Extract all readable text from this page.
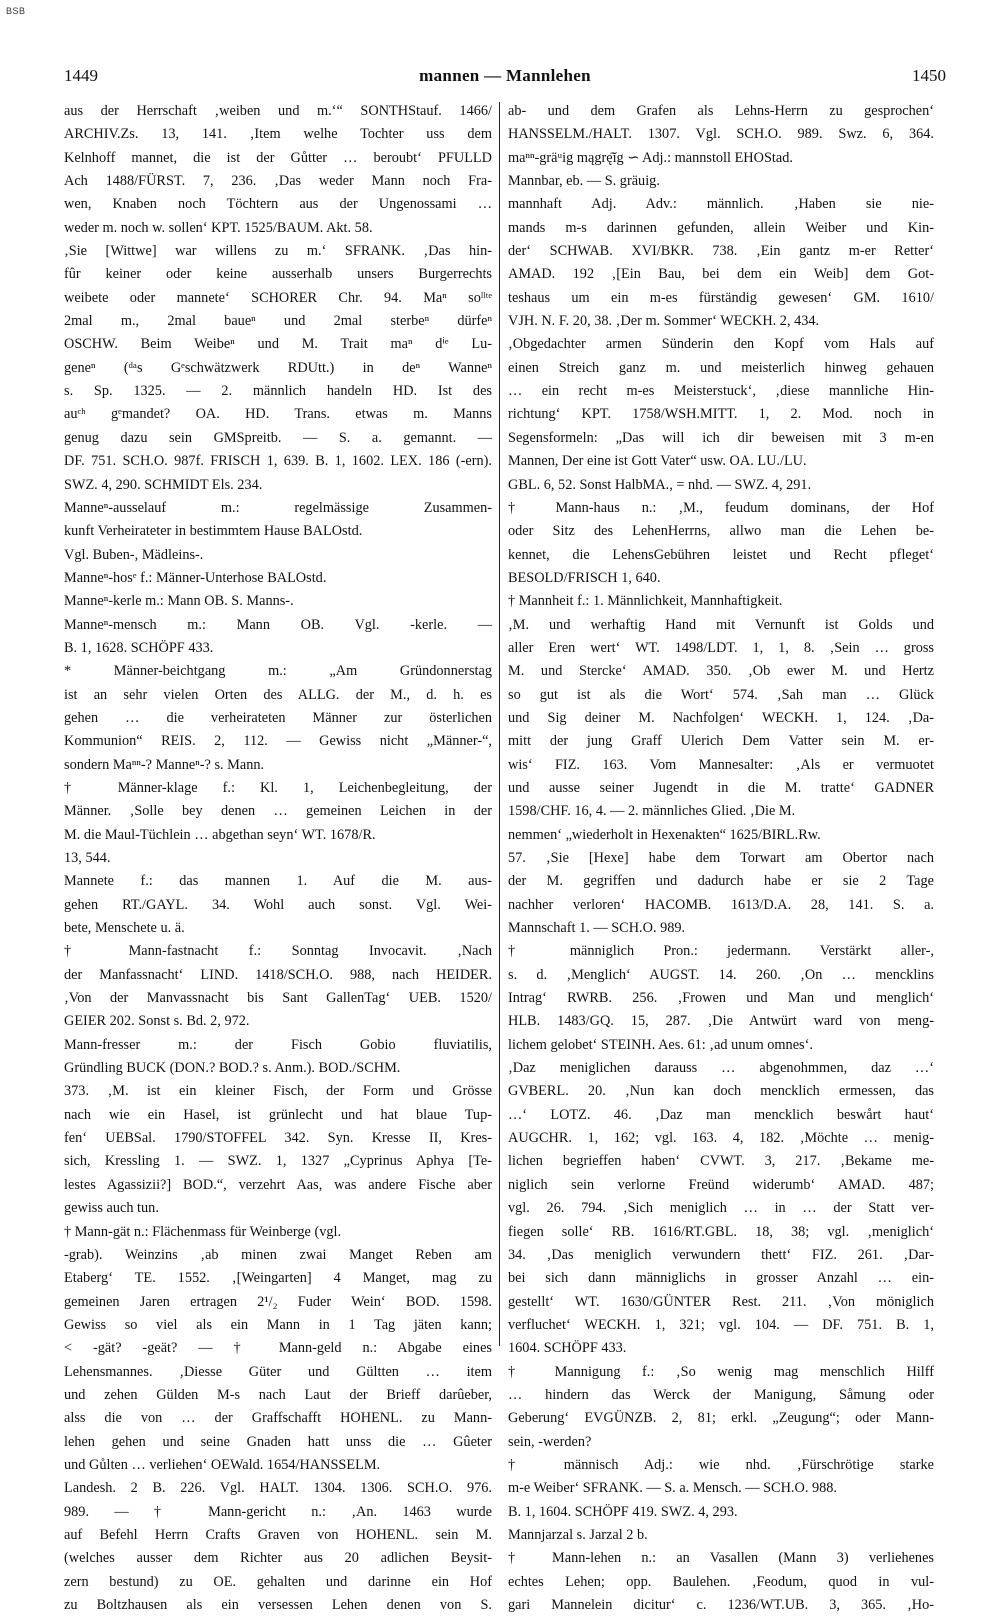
BSB
1449	mannen — Mannlehen	1450

aus der Herrschaft ‚weiben und m.‘“ SONTHStauf. 1466/

ARCHIV.Zs. 13, 141. ‚Item welhe Tochter uss dem

Kelnhoff mannet, die ist der Gůtter … beroubt‘ PFULLD

Ach 1488/FÜRST. 7, 236. ‚Das weder Mann noch Fra-

wen, Knaben noch Töchtern aus der Ungenossami …

weder m. noch w. sollen‘ KPT. 1525/BAUM. Akt. 58.

‚Sie [Wittwe] war willens zu m.‘ SFRANK. ‚Das hin-

fûr keiner oder keine ausserhalb unsers Burgerrechts

weibete oder mannete‘ SCHORER Chr. 94. Maⁿ soˡˡᵗᵉ

2mal m., 2mal baueⁿ und 2mal sterbeⁿ dürfeⁿ

OSCHW. Beim Weibeⁿ und M. Trait maⁿ dⁱᵉ Lu-

geneⁿ (ᵈᵃs Gᵉschwätzwerk RDUtt.) in deⁿ Wanneⁿ

s. Sp. 1325. — 2. männlich handeln HD. Ist des

auᶜʰ gᵉmandet? OA. HD. Trans. etwas m. Manns

genug dazu sein GMSpreitb. — S. a. gemannt. —

DF. 751. SCH.O. 987f. FRISCH 1, 639. B. 1, 1602. LEX. 186 (-ern).

SWZ. 4, 290. SCHMIDT Els. 234.

Manneⁿ-ausselauf m.: regelmässige Zusammen-

kunft Verheirateter in bestimmtem Hause BALOstd.

Vgl. Buben-, Mädleins-.

Manneⁿ-hosᵉ f.: Männer-Unterhose BALOstd.

Manneⁿ-kerle m.: Mann OB. S. Manns-.

Manneⁿ-mensch m.: Mann OB. Vgl. -kerle. —

B. 1, 1628. SCHÖPF 433.

* Männer-beichtgang m.: „Am Gründonnerstag

ist an sehr vielen Orten des ALLG. der M., d. h. es

gehen … die verheirateten Männer zur österlichen

Kommunion“ REIS. 2, 112. — Gewiss nicht „Männer-“,

sondern Maⁿⁿ-? Manneⁿ-? s. Mann.

† Männer-klage f.: Kl. 1, Leichenbegleitung, der

Männer. ‚Solle bey denen … gemeinen Leichen in der

M. die Maul-Tüchlein … abgethan seyn‘ WT. 1678/R.

13, 544.

Mannete f.: das mannen 1. Auf die M. aus-

gehen RT./GAYL. 34. Wohl auch sonst. Vgl. Wei-

bete, Menschete u. ä.

† Mann-fastnacht f.: Sonntag Invocavit. ‚Nach

der Manfassnacht‘ LIND. 1418/SCH.O. 988, nach HEIDER.

‚Von der Manvassnacht bis Sant GallenTag‘ UEB. 1520/

GEIER 202. Sonst s. Bd. 2, 972.

Mann-fresser m.: der Fisch Gobio fluviatilis,

Gründling BUCK (DON.? BOD.? s. Anm.). BOD./SCHM.

373. ‚M. ist ein kleiner Fisch, der Form und Grösse

nach wie ein Hasel, ist grünlecht und hat blaue Tup-

fen‘ UEBSal. 1790/STOFFEL 342. Syn. Kresse II, Kres-

sich, Kressling 1. — SWZ. 1, 1327 „Cyprinus Aphya [Te-

lestes Agassizii?] BOD.“, verzehrt Aas, was andere Fische aber

gewiss auch tun.

† Mann-gät n.: Flächenmass für Weinberge (vgl.

-grab). Weinzins ‚ab minen zwai Manget Reben am

Etaberg‘ TE. 1552. ‚[Weingarten] 4 Manget, mag zu

gemeinen Jaren ertragen 2¹/₂ Fuder Wein‘ BOD. 1598.

Gewiss so viel als ein Mann in 1 Tag jäten kann;

< -gät? -geät? — † Mann-geld n.: Abgabe eines

Lehensmannes. ‚Diesse Güter und Gültten … item

und zehen Gülden M-s nach Laut der Brieff darûeber,

alss die von … der Graffschafft HOHENL. zu Mann-

lehen gehen und seine Gnaden hatt unss die … Gûeter

und Gůlten … verliehen‘ OEWald. 1654/HANSSELM.

Landesh. 2 B. 226. Vgl. HALT. 1304. 1306. SCH.O. 976.

989. — † Mann-gericht n.: ‚An. 1463 wurde

auf Befehl Herrn Crafts Graven von HOHENL. sein M.

(welches ausser dem Richter aus 20 adlichen Beysit-

zern bestund) zu OE. gehalten und darinne ein Hof

zu Boltzhausen als ein versessen Lehen denen von S.

ab- und dem Grafen als Lehns-Herrn zu gesprochen‘

HANSSELM./HALT. 1307. Vgl. SCH.O. 989. Swz. 6, 364.

maⁿⁿ-gräᵘig mągrę̄ĭg ∽ Adj.: mannstoll EHOStad.

Mannbar, eb. — S. gräuig.

mannhaft Adj. Adv.: männlich. ‚Haben sie nie-

mands m-s darinnen gefunden, allein Weiber und Kin-

der‘ SCHWAB. XVI/BKR. 738. ‚Ein gantz m-er Retter‘

AMAD. 192 ‚[Ein Bau, bei dem ein Weib] dem Got-

teshaus um ein m-es fürständig gewesen‘ GM. 1610/

VJH. N. F. 20, 38. ‚Der m. Sommer‘ WECKH. 2, 434.

‚Obgedachter armen Sünderin den Kopf vom Hals auf

einen Streich ganz m. und meisterlich hinweg gehauen

… ein recht m-es Meisterstuck‘, ‚diese mannliche Hin-

richtung‘ KPT. 1758/WSH.MITT. 1, 2. Mod. noch in

Segensformeln: „Das will ich dir beweisen mit 3 m-en

Mannen, Der eine ist Gott Vater“ usw. OA. LU./LU.

GBL. 6, 52. Sonst HalbMA., = nhd. — SWZ. 4, 291.

† Mann-haus n.: ‚M., feudum dominans, der Hof

oder Sitz des LehenHerrns, allwo man die Lehen be-

kennet, die LehensGebühren leistet und Recht pfleget‘

BESOLD/FRISCH 1, 640.

† Mannheit f.: 1. Männlichkeit, Mannhaftigkeit.

‚M. und werhaftig Hand mit Vernunft ist Golds und

aller Eren wert‘ WT. 1498/LDT. 1, 1, 8. ‚Sein … gross

M. und Stercke‘ AMAD. 350. ‚Ob ewer M. und Hertz

so gut ist als die Wort‘ 574. ‚Sah man … Glück

und Sig deiner M. Nachfolgen‘ WECKH. 1, 124. ‚Da-

mitt der jung Graff Ulerich Dem Vatter sein M. er-

wis‘ FIZ. 163. Vom Mannesalter: ‚Als er vermuotet

und ausse seiner Jugendt in die M. tratte‘ GADNER

1598/CHF. 16, 4. — 2. männliches Glied. ‚Die M.

nemmen‘ „wiederholt in Hexenakten“ 1625/BIRL.Rw.

57. ‚Sie [Hexe] habe dem Torwart am Obertor nach

der M. gegriffen und dadurch habe er sie 2 Tage

nachher verloren‘ HACOMB. 1613/D.A. 28, 141. S. a.

Mannschaft 1. — SCH.O. 989.

† männiglich Pron.: jedermann. Verstärkt aller-,

s. d. ‚Menglich‘ AUGST. 14. 260. ‚On … mencklins

Intrag‘ RWRB. 256. ‚Frowen und Man und menglich‘

HLB. 1483/GQ. 15, 287. ‚Die Antwürt ward von meng-

lichem gelobet‘ STEINH. Aes. 61: ‚ad unum omnes‘.

‚Daz meniglichen darauss … abgenohmmen, daz …‘

GVBERL. 20. ‚Nun kan doch mencklich ermessen, das

…‘ LOTZ. 46. ‚Daz man mencklich beswårt haut‘

AUGCHR. 1, 162; vgl. 163. 4, 182. ‚Möchte … menig-

lichen begrieffen haben‘ CVWT. 3, 217. ‚Bekame me-

niglich sein verlorne Freünd widerumb‘ AMAD. 487;

vgl. 26. 794. ‚Sich meniglich … in … der Statt ver-

fiegen solle‘ RB. 1616/RT.GBL. 18, 38; vgl. ‚meniglich‘

34. ‚Das meniglich verwundern thett‘ FIZ. 261. ‚Dar-

bei sich dann männiglichs in grosser Anzahl … ein-

gestellt‘ WT. 1630/GÜNTER Rest. 211. ‚Von möniglich

verfluchet‘ WECKH. 1, 321; vgl. 104. — DF. 751. B. 1,

1604. SCHÖPF 433.

† Mannigung f.: ‚So wenig mag menschlich Hilff

… hindern das Werck der Manigung, Såmung oder

Geberung‘ EVGÜNZB. 2, 81; erkl. „Zeugung“; oder Mann-

sein, -werden?

† männisch Adj.: wie nhd. ‚Fürschrötige starke

m-e Weiber‘ SFRANK. — S. a. Mensch. — SCH.O. 988.

B. 1, 1604. SCHÖPF 419. SWZ. 4, 293.

Mannjarzal s. Jarzal 2 b.

† Mann-lehen n.: an Vasallen (Mann 3) verliehenes

echtes Lehen; opp. Baulehen. ‚Feodum, quod in vul-

gari Mannelein dicitur‘ c. 1236/WT.UB. 3, 365. ‚Ho-
